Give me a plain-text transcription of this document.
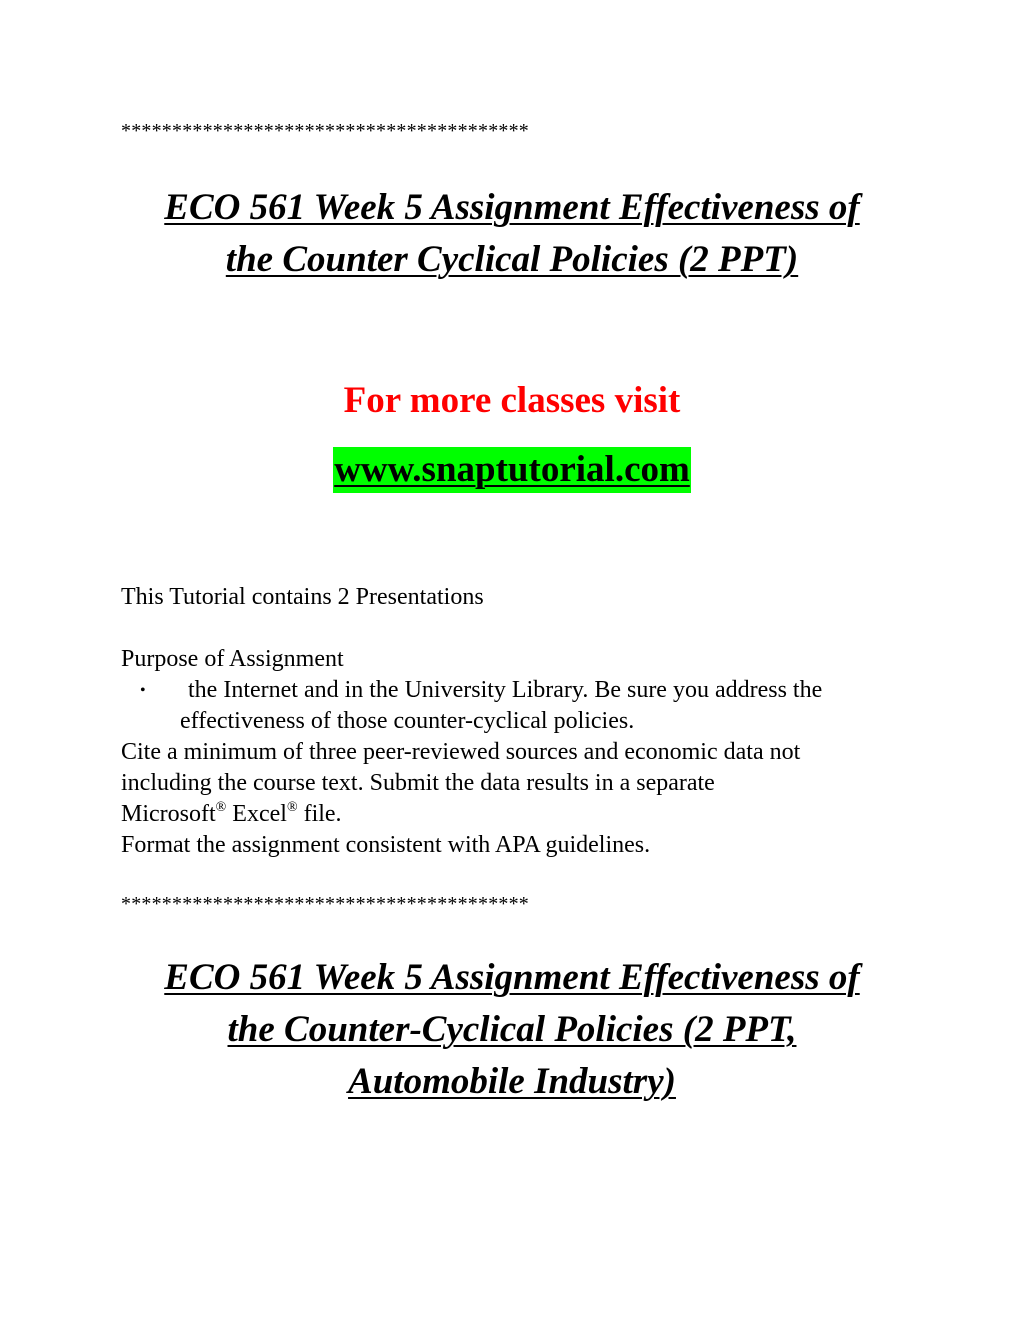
****************************************
ECO 561 Week 5 Assignment Effectiveness of
the Counter Cyclical Policies (2 PPT)
For more classes visit
www.snaptutorial.com
This Tutorial contains 2 Presentations
Purpose of Assignment
• the Internet and in the University Library. Be sure you address the
effectiveness of those counter-cyclical policies.
Cite a minimum of three peer-reviewed sources and economic data not
including the course text. Submit the data results in a separate
Microsoft® Excel® file.
Format the assignment consistent with APA guidelines.
****************************************
ECO 561 Week 5 Assignment Effectiveness of
the Counter-Cyclical Policies (2 PPT,
Automobile Industry)
